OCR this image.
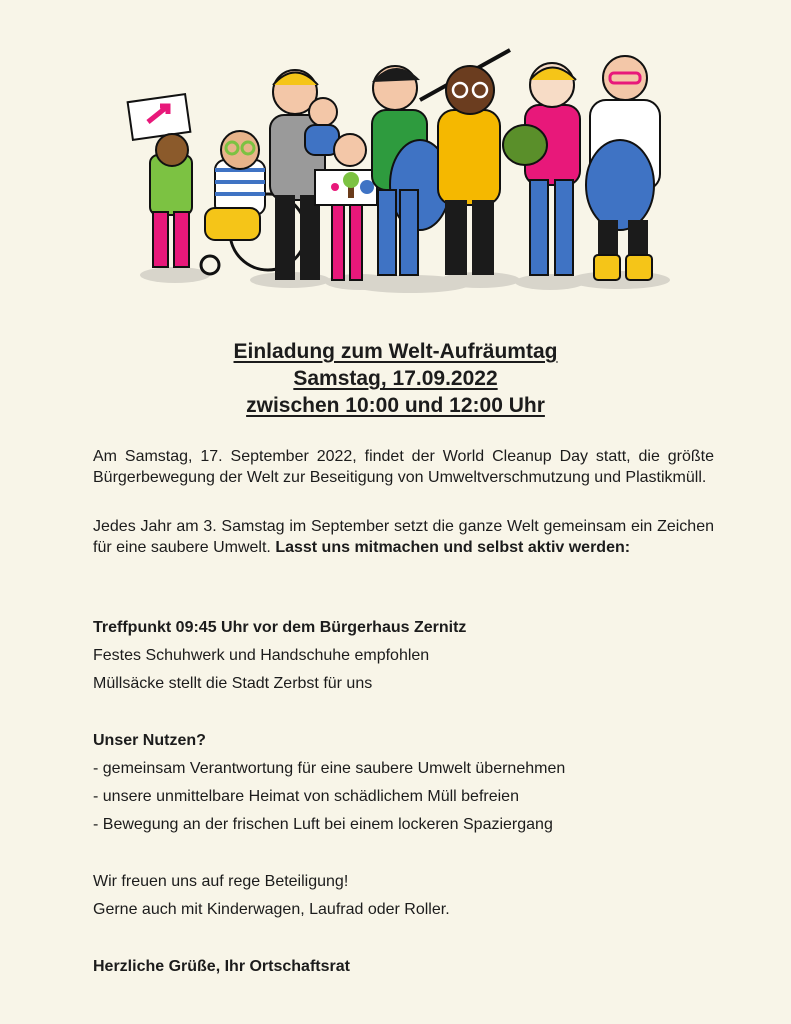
Einladung zum Welt-Aufräumtag
Samstag, 17.09.2022
zwischen 10:00 und 12:00 Uhr
Am Samstag, 17. September 2022, findet der World Cleanup Day statt, die größte Bürgerbewegung der Welt zur Beseitigung von Umweltverschmutzung und Plastikmüll.
Jedes Jahr am 3. Samstag im September setzt die ganze Welt gemeinsam ein Zeichen für eine saubere Umwelt. Lasst uns mitmachen und selbst aktiv werden:
Treffpunkt 09:45 Uhr vor dem Bürgerhaus Zernitz
Festes Schuhwerk und Handschuhe empfohlen
Müllsäcke stellt die Stadt Zerbst für uns
Unser Nutzen?
- gemeinsam Verantwortung für eine saubere Umwelt übernehmen
- unsere unmittelbare Heimat von schädlichem Müll befreien
- Bewegung an der frischen Luft bei einem lockeren Spaziergang
Wir freuen uns auf rege Beteiligung!
Gerne auch mit Kinderwagen, Laufrad oder Roller.
Herzliche Grüße, Ihr Ortschaftsrat
